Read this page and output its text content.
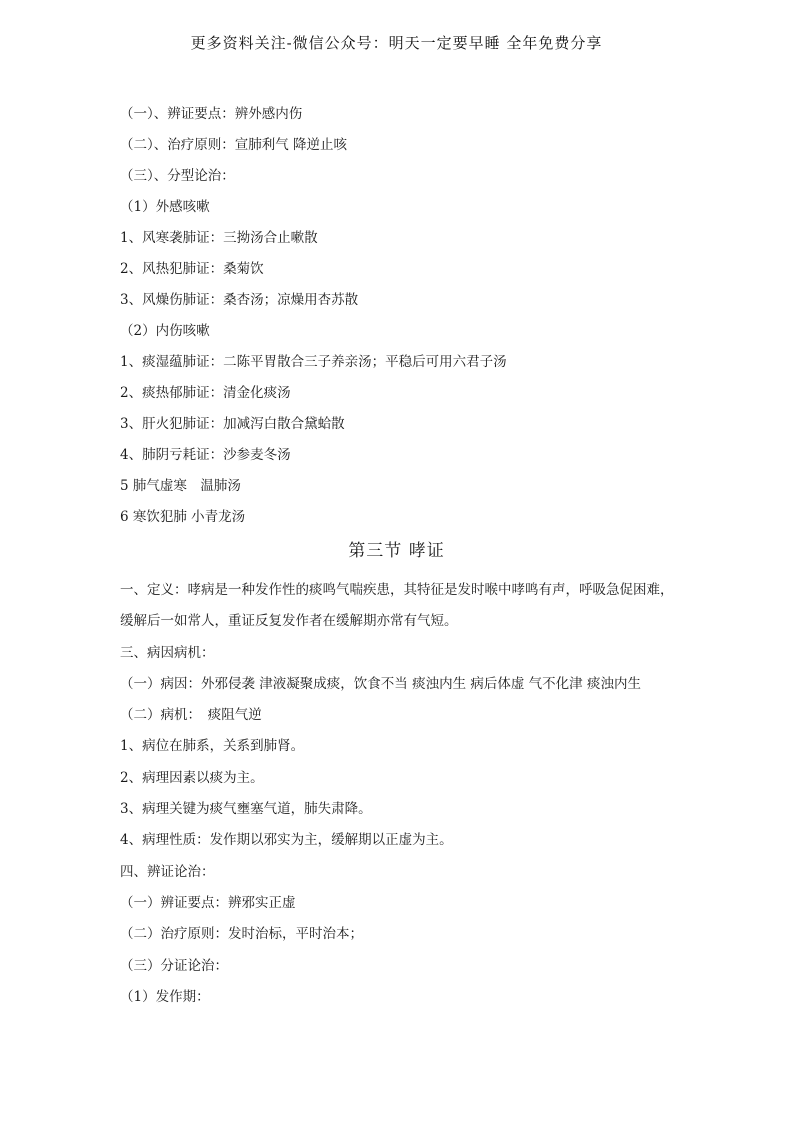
更多资料关注-微信公众号：明天一定要早睡 全年免费分享
（一）、辨证要点：辨外感内伤
（二）、治疗原则：宣肺利气 降逆止咳
（三）、分型论治：
（1）外感咳嗽
1、风寒袭肺证：三拗汤合止嗽散
2、风热犯肺证：桑菊饮
3、风燥伤肺证：桑杏汤；凉燥用杏苏散
（2）内伤咳嗽
1、痰湿蕴肺证：二陈平胃散合三子养亲汤；平稳后可用六君子汤
2、痰热郁肺证：清金化痰汤
3、肝火犯肺证：加减泻白散合黛蛤散
4、肺阴亏耗证：沙参麦冬汤
5 肺气虚寒　温肺汤
6 寒饮犯肺 小青龙汤
第三节 哮证
一、定义：哮病是一种发作性的痰鸣气喘疾患，其特征是发时喉中哮鸣有声，呼吸急促困难，
缓解后一如常人，重证反复发作者在缓解期亦常有气短。
三、病因病机：
（一）病因：外邪侵袭 津液凝聚成痰，饮食不当 痰浊内生 病后体虚 气不化津 痰浊内生
（二）病机：　痰阻气逆
1、病位在肺系，关系到肺肾。
2、病理因素以痰为主。
3、病理关键为痰气壅塞气道，肺失肃降。
4、病理性质：发作期以邪实为主，缓解期以正虚为主。
四、辨证论治：
（一）辨证要点：辨邪实正虚
（二）治疗原则：发时治标，平时治本；
（三）分证论治：
（1）发作期：
